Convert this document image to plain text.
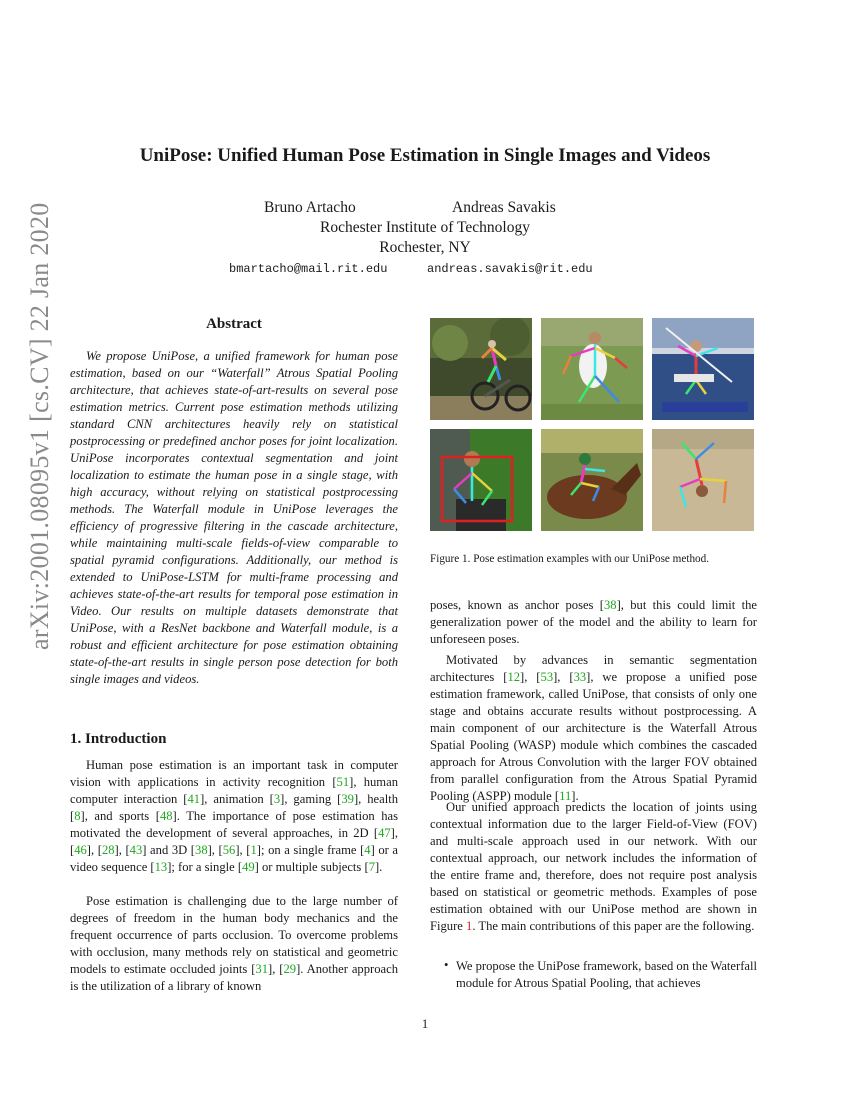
arXiv:2001.08095v1 [cs.CV] 22 Jan 2020
UniPose: Unified Human Pose Estimation in Single Images and Videos
Bruno Artacho	Andreas Savakis
Rochester Institute of Technology
Rochester, NY
bmartacho@mail.rit.edu	andreas.savakis@rit.edu
Abstract

We propose UniPose, a unified framework for human pose estimation, based on our “Waterfall” Atrous Spatial Pooling architecture, that achieves state-of-art-results on several pose estimation metrics. Current pose estimation methods utilizing standard CNN architectures heavily rely on statistical postprocessing or predefined anchor poses for joint localization. UniPose incorporates contextual segmentation and joint localization to estimate the human pose in a single stage, with high accuracy, without relying on statistical postprocessing methods. The Waterfall module in UniPose leverages the efficiency of progressive filtering in the cascade architecture, while maintaining multi-scale fields-of-view comparable to spatial pyramid configurations. Additionally, our method is extended to UniPose-LSTM for multi-frame processing and achieves state-of-the-art results for temporal pose estimation in Video. Our results on multiple datasets demonstrate that UniPose, with a ResNet backbone and Waterfall module, is a robust and efficient architecture for pose estimation obtaining state-of-the-art results in single person pose detection for both single images and videos.

1. Introduction

Human pose estimation is an important task in computer vision with applications in activity recognition [51], human computer interaction [41], animation [3], gaming [39], health [8], and sports [48]. The importance of pose estimation has motivated the development of several approaches, in 2D [47], [46], [28], [43] and 3D [38], [56], [1]; on a single frame [4] or a video sequence [13]; for a single [49] or multiple subjects [7].

Pose estimation is challenging due to the large number of degrees of freedom in the human body mechanics and the frequent occurrence of parts occlusion. To overcome problems with occlusion, many methods rely on statistical and geometric models to estimate occluded joints [31], [29]. Another approach is the utilization of a library of known

Figure 1. Pose estimation examples with our UniPose method.

poses, known as anchor poses [38], but this could limit the generalization power of the model and the ability to learn for unforeseen poses.

Motivated by advances in semantic segmentation architectures [12], [53], [33], we propose a unified pose estimation framework, called UniPose, that consists of only one stage and obtains accurate results without postprocessing. A main component of our architecture is the Waterfall Atrous Spatial Pooling (WASP) module which combines the cascaded approach for Atrous Convolution with the larger FOV obtained from parallel configuration from the Atrous Spatial Pyramid Pooling (ASPP) module [11].

Our unified approach predicts the location of joints using contextual information due to the larger Field-of-View (FOV) and multi-scale approach used in our network. With our contextual approach, our network includes the information of the entire frame and, therefore, does not require post analysis based on statistical or geometric methods. Examples of pose estimation obtained with our UniPose method are shown in Figure 1. The main contributions of this paper are the following.

• We propose the UniPose framework, based on the Waterfall module for Atrous Spatial Pooling, that achieves

1
